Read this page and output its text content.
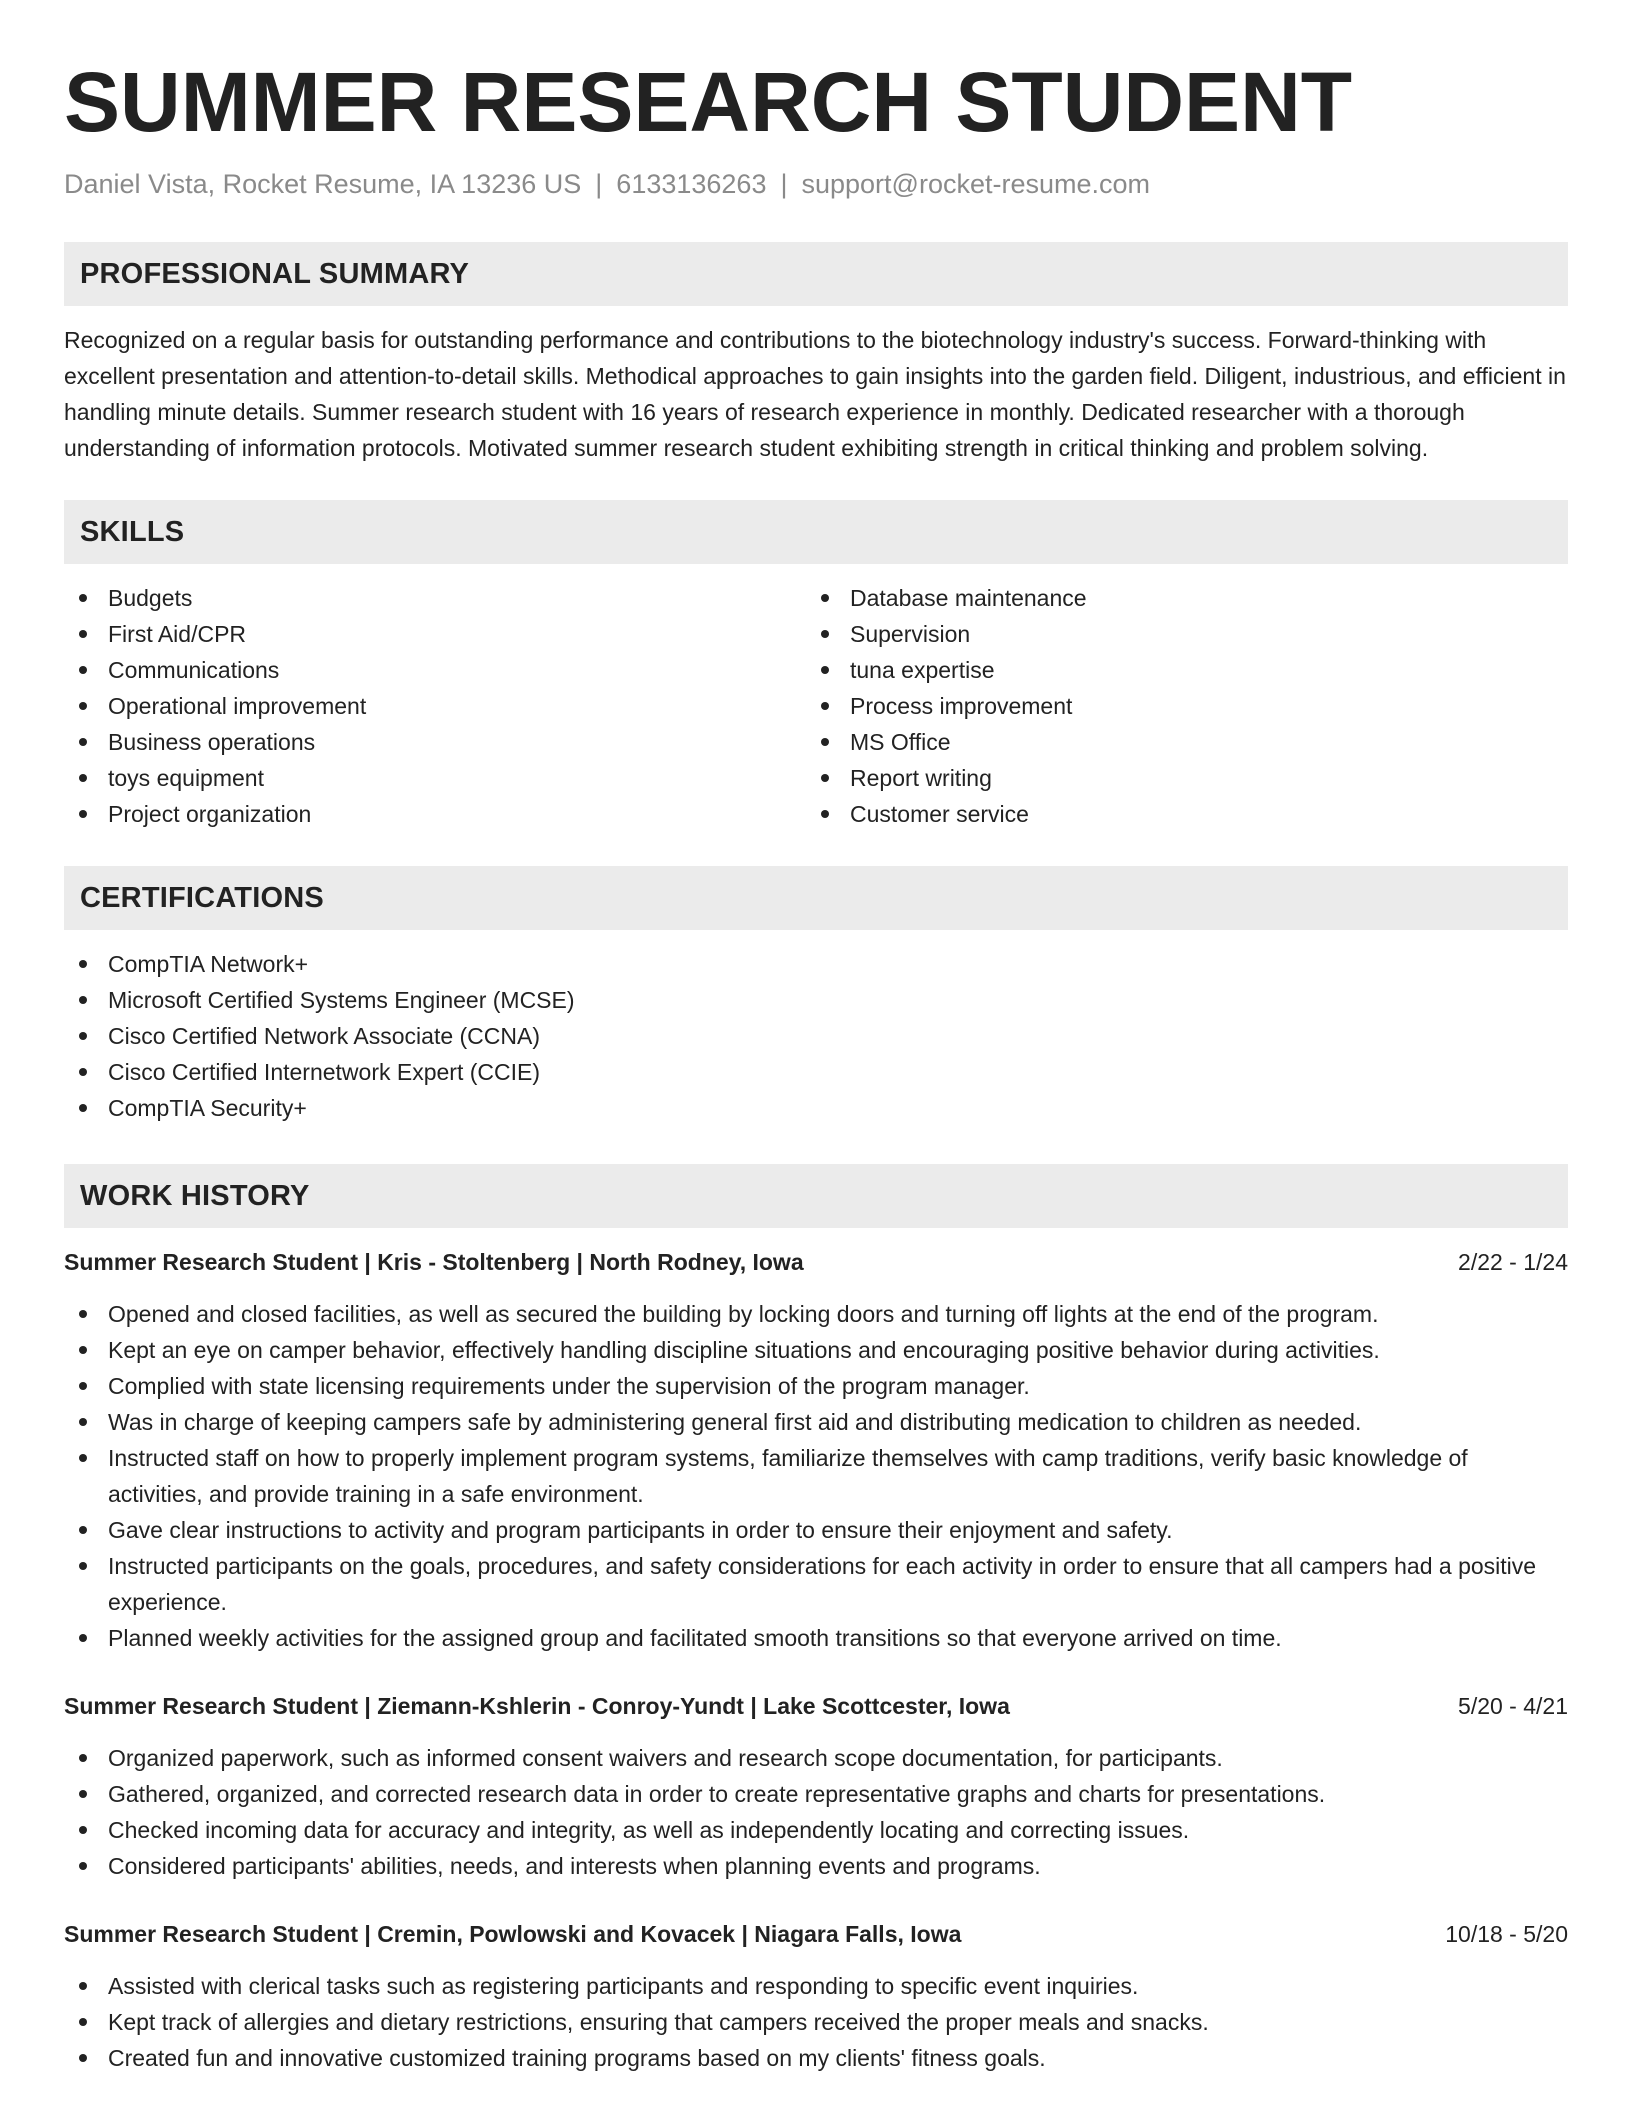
SUMMER RESEARCH STUDENT
Daniel Vista, Rocket Resume, IA 13236 US | 6133136263 | support@rocket-resume.com
PROFESSIONAL SUMMARY
Recognized on a regular basis for outstanding performance and contributions to the biotechnology industry's success. Forward-thinking with excellent presentation and attention-to-detail skills. Methodical approaches to gain insights into the garden field. Diligent, industrious, and efficient in handling minute details. Summer research student with 16 years of research experience in monthly. Dedicated researcher with a thorough understanding of information protocols. Motivated summer research student exhibiting strength in critical thinking and problem solving.
SKILLS
Budgets
First Aid/CPR
Communications
Operational improvement
Business operations
toys equipment
Project organization
Database maintenance
Supervision
tuna expertise
Process improvement
MS Office
Report writing
Customer service
CERTIFICATIONS
CompTIA Network+
Microsoft Certified Systems Engineer (MCSE)
Cisco Certified Network Associate (CCNA)
Cisco Certified Internetwork Expert (CCIE)
CompTIA Security+
WORK HISTORY
Summer Research Student | Kris - Stoltenberg | North Rodney, Iowa	2/22 - 1/24
Opened and closed facilities, as well as secured the building by locking doors and turning off lights at the end of the program.
Kept an eye on camper behavior, effectively handling discipline situations and encouraging positive behavior during activities.
Complied with state licensing requirements under the supervision of the program manager.
Was in charge of keeping campers safe by administering general first aid and distributing medication to children as needed.
Instructed staff on how to properly implement program systems, familiarize themselves with camp traditions, verify basic knowledge of activities, and provide training in a safe environment.
Gave clear instructions to activity and program participants in order to ensure their enjoyment and safety.
Instructed participants on the goals, procedures, and safety considerations for each activity in order to ensure that all campers had a positive experience.
Planned weekly activities for the assigned group and facilitated smooth transitions so that everyone arrived on time.
Summer Research Student | Ziemann-Kshlerin - Conroy-Yundt | Lake Scottcester, Iowa	5/20 - 4/21
Organized paperwork, such as informed consent waivers and research scope documentation, for participants.
Gathered, organized, and corrected research data in order to create representative graphs and charts for presentations.
Checked incoming data for accuracy and integrity, as well as independently locating and correcting issues.
Considered participants' abilities, needs, and interests when planning events and programs.
Summer Research Student | Cremin, Powlowski and Kovacek | Niagara Falls, Iowa	10/18 - 5/20
Assisted with clerical tasks such as registering participants and responding to specific event inquiries.
Kept track of allergies and dietary restrictions, ensuring that campers received the proper meals and snacks.
Created fun and innovative customized training programs based on my clients' fitness goals.
